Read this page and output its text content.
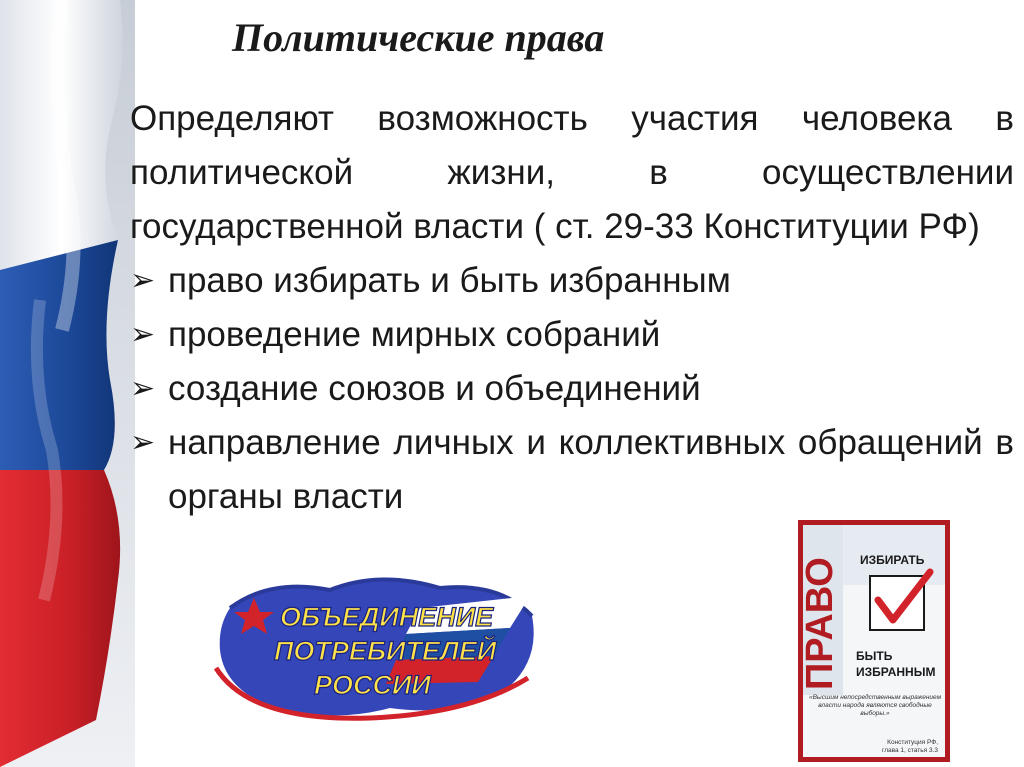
Политические права

Определяют возможность участия человека в политической жизни, в осуществлении государственной власти ( ст. 29-33 Конституции РФ)

➢ право избирать и быть избранным
➢ проведение мирных собраний
➢ создание союзов и объединений
➢ направление личных и коллективных обращений в органы власти
ОБЪЕДИНЕНИЕ
ПОТРЕБИТЕЛЕЙ
РОССИИ	ПРАВО ИЗБИРАТЬ
БЫТЬ
ИЗБРАННЫМ
«Высшим непосредственным выражением власти народа являются свободные выборы.»
Конституция РФ,
глава 1, статья 3.3
